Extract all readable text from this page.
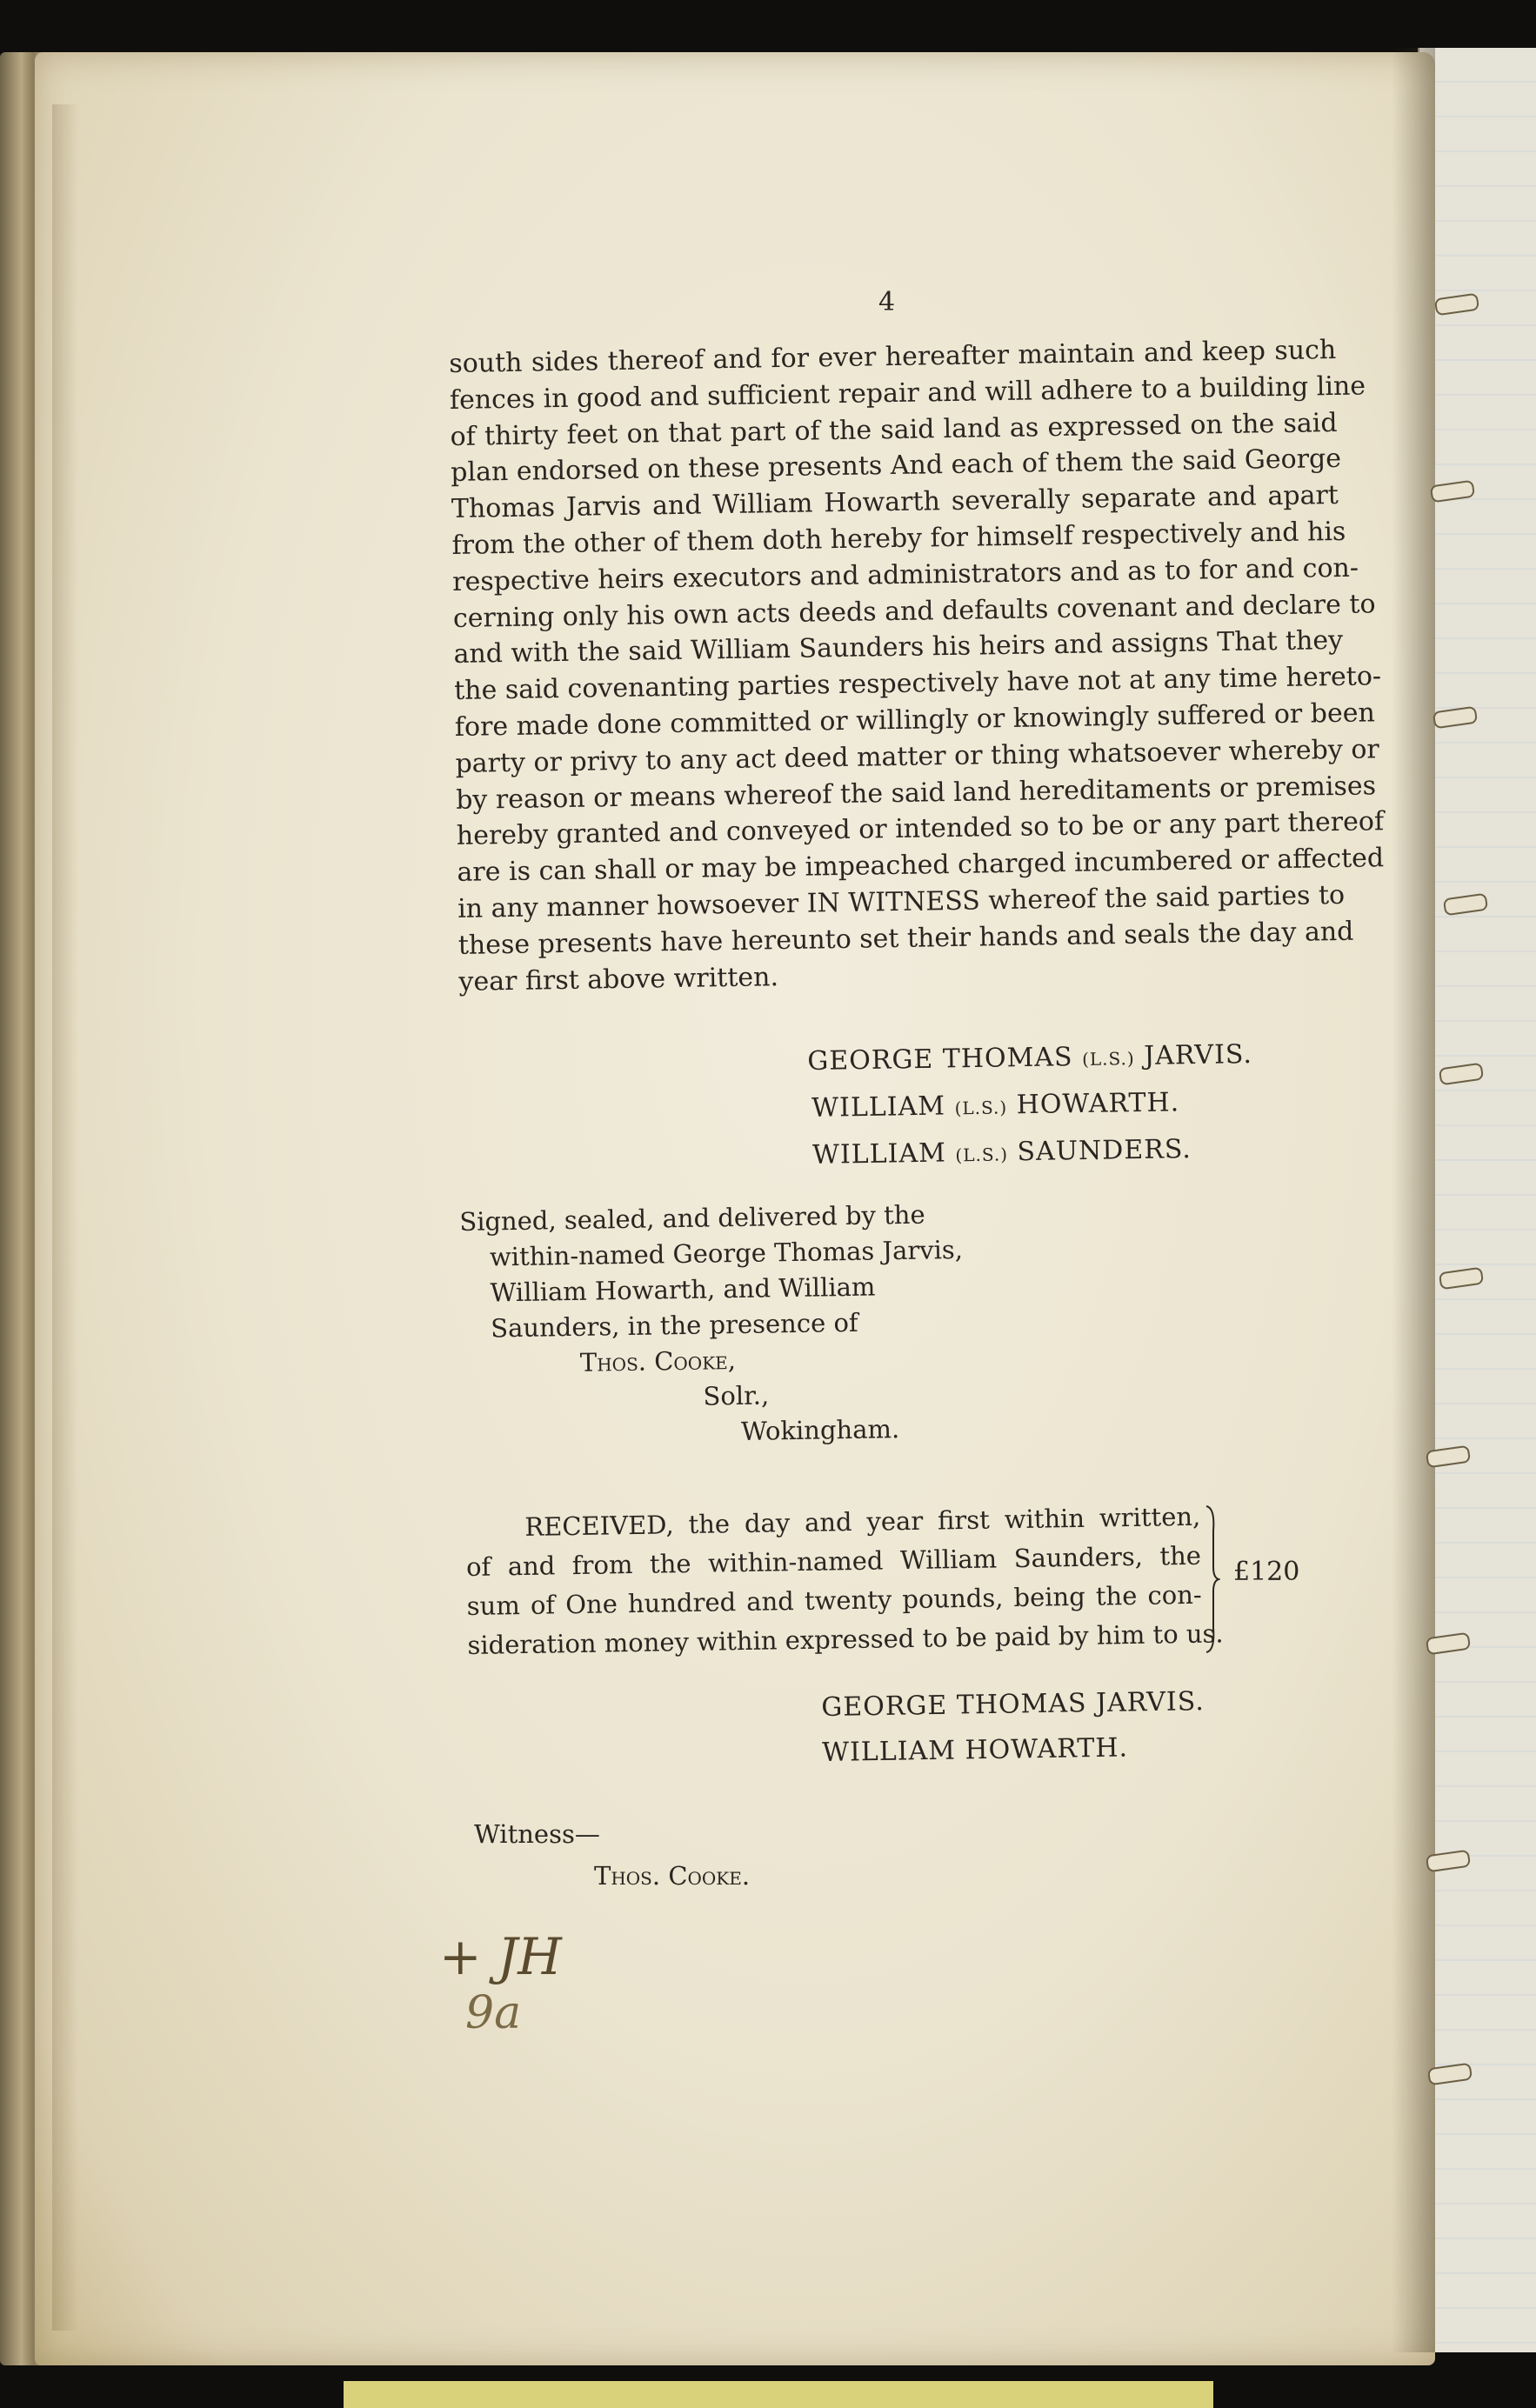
4
south sides thereof and for ever hereafter maintain and keep such
fences in good and sufficient repair and will adhere to a building line
of thirty feet on that part of the said land as expressed on the said
plan endorsed on these presents And each of them the said George
Thomas Jarvis and William Howarth severally separate and apart
from the other of them doth hereby for himself respectively and his
respective heirs executors and administrators and as to for and con-
cerning only his own acts deeds and defaults covenant and declare to
and with the said William Saunders his heirs and assigns That they
the said covenanting parties respectively have not at any time hereto-
fore made done committed or willingly or knowingly suffered or been
party or privy to any act deed matter or thing whatsoever whereby or
by reason or means whereof the said land hereditaments or premises
hereby granted and conveyed or intended so to be or any part thereof
are is can shall or may be impeached charged incumbered or affected
in any manner howsoever IN WITNESS whereof the said parties to
these presents have hereunto set their hands and seals the day and
year first above written.
GEORGE THOMAS (L.S.) JARVIS.
WILLIAM (L.S.) HOWARTH.
WILLIAM (L.S.) SAUNDERS.
Signed, sealed, and delivered by the
within-named George Thomas Jarvis,
William Howarth, and William
Saunders, in the presence of
Thos. Cooke,
Solr.,
Wokingham.
RECEIVED, the day and year first within written,
of and from the within-named William Saunders, the
sum of One hundred and twenty pounds, being the con-
sideration money within expressed to be paid by him to us.
£120
GEORGE THOMAS JARVIS.
WILLIAM HOWARTH.
Witness—
Thos. Cooke.
+ JH
9a
